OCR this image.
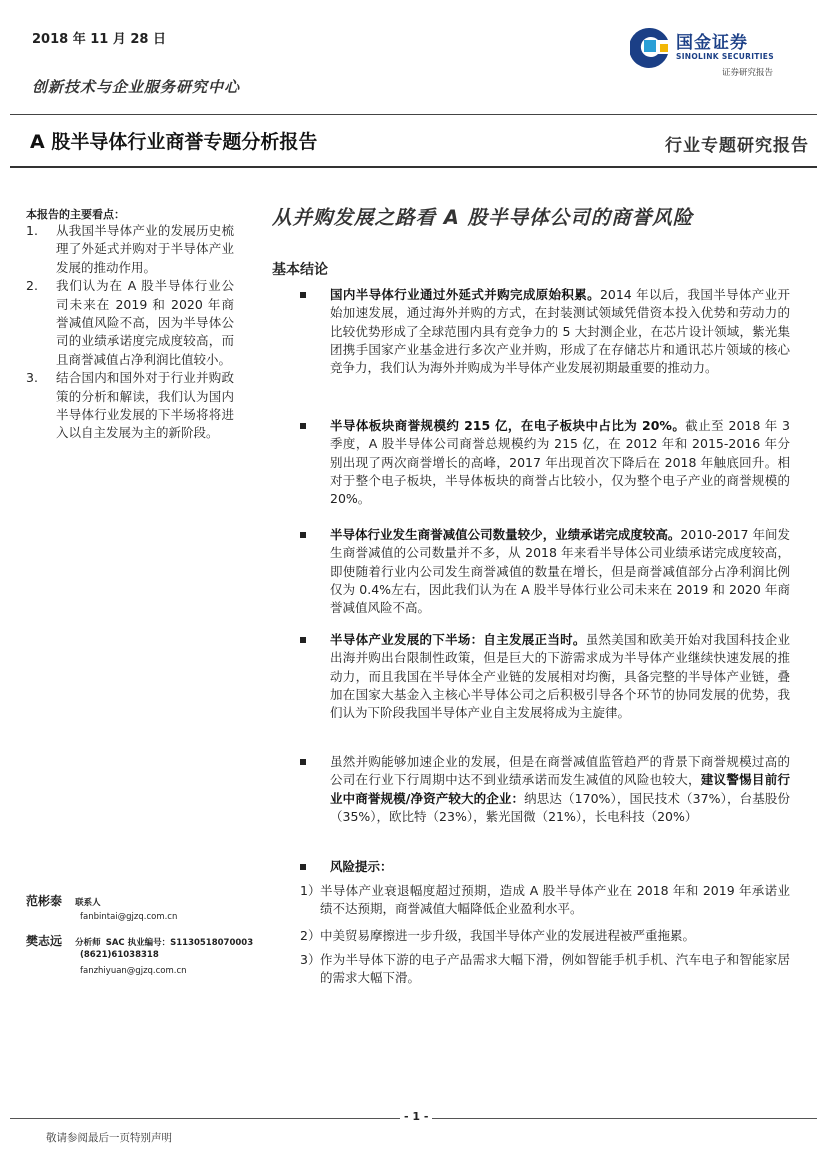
2018 年 11 月 28 日
创新技术与企业服务研究中心
A 股半导体行业商誉专题分析报告	行业专题研究报告
国金证券
SINOLINK SECURITIES
证券研究报告
本报告的主要看点：
1. 从我国半导体产业的发展历史梳理了外延式并购对于半导体产业发展的推动作用。
2. 我们认为在 A 股半导体行业公司未来在 2019 和 2020 年商誉减值风险不高，因为半导体公司的业绩承诺度完成度较高，而且商誉减值占净利润比值较小。
3. 结合国内和国外对于行业并购政策的分析和解读，我们认为国内半导体行业发展的下半场将将进入以自主发展为主的新阶段。
范彬泰 联系人
fanbintai@gjzq.com.cn
樊志远 分析师 SAC 执业编号：S1130518070003
(8621)61038318
fanzhiyuan@gjzq.com.cn
从并购发展之路看 A 股半导体公司的商誉风险
基本结论
国内半导体行业通过外延式并购完成原始积累。2014 年以后，我国半导体产业开始加速发展，通过海外并购的方式，在封装测试领域凭借资本投入优势和劳动力的比较优势形成了全球范围内具有竞争力的 5 大封测企业，在芯片设计领域，紫光集团携手国家产业基金进行多次产业并购，形成了在存储芯片和通讯芯片领域的核心竞争力，我们认为海外并购成为半导体产业发展初期最重要的推动力。
半导体板块商誉规模约 215 亿，在电子板块中占比为 20%。截止至 2018 年 3 季度，A 股半导体公司商誉总规模约为 215 亿，在 2012 年和 2015-2016 年分别出现了两次商誉增长的高峰，2017 年出现首次下降后在 2018 年触底回升。相对于整个电子板块，半导体板块的商誉占比较小，仅为整个电子产业的商誉规模的 20%。
半导体行业发生商誉减值公司数量较少，业绩承诺完成度较高。2010-2017 年间发生商誉减值的公司数量并不多，从 2018 年来看半导体公司业绩承诺完成度较高，即使随着行业内公司发生商誉减值的数量在增长，但是商誉减值部分占净利润比例仅为 0.4%左右，因此我们认为在 A 股半导体行业公司未来在 2019 和 2020 年商誉减值风险不高。
半导体产业发展的下半场：自主发展正当时。虽然美国和欧美开始对我国科技企业出海并购出台限制性政策，但是巨大的下游需求成为半导体产业继续快速发展的推动力，而且我国在半导体全产业链的发展相对均衡，具备完整的半导体产业链，叠加在国家大基金入主核心半导体公司之后积极引导各个环节的协同发展的优势，我们认为下阶段我国半导体产业自主发展将成为主旋律。
虽然并购能够加速企业的发展，但是在商誉减值监管趋严的背景下商誉规模过高的公司在行业下行周期中达不到业绩承诺而发生减值的风险也较大，建议警惕目前行业中商誉规模/净资产较大的企业：纳思达（170%），国民技术（37%），台基股份（35%），欧比特（23%），紫光国微（21%），长电科技（20%）
风险提示：
1） 半导体产业衰退幅度超过预期，造成 A 股半导体产业在 2018 年和 2019 年承诺业绩不达预期，商誉减值大幅降低企业盈利水平。
2） 中美贸易摩擦进一步升级，我国半导体产业的发展进程被严重拖累。
3） 作为半导体下游的电子产品需求大幅下滑，例如智能手机手机、汽车电子和智能家居的需求大幅下滑。
- 1 -
敬请参阅最后一页特别声明
